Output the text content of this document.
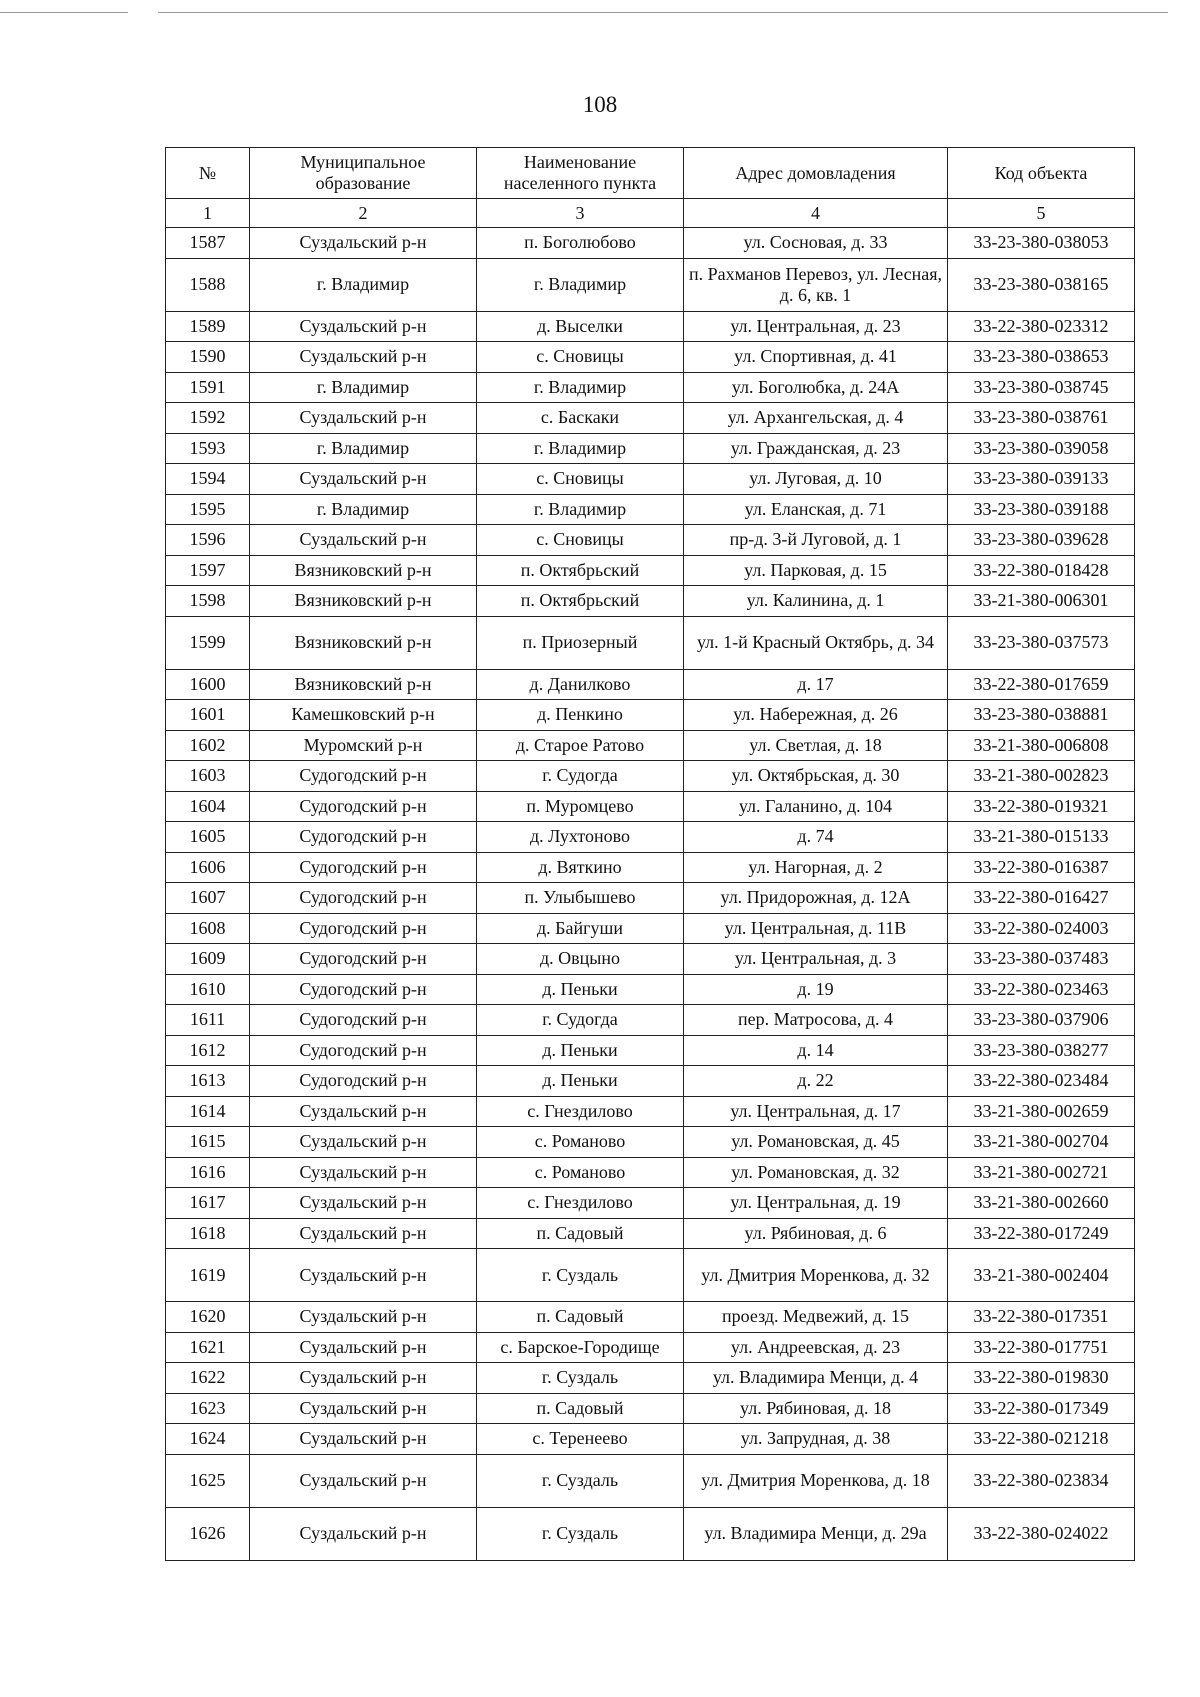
108
№	Муниципальное образование	Наименование населенного пункта	Адрес домовладения	Код объекта
1	2	3	4	5
1587	Суздальский р-н	п. Боголюбово	ул. Сосновая, д. 33	33-23-380-038053
1588	г. Владимир	г. Владимир	п. Рахманов Перевоз, ул. Лесная, д. 6, кв. 1	33-23-380-038165
1589	Суздальский р-н	д. Выселки	ул. Центральная, д. 23	33-22-380-023312
1590	Суздальский р-н	с. Сновицы	ул. Спортивная, д. 41	33-23-380-038653
1591	г. Владимир	г. Владимир	ул. Боголюбка, д. 24А	33-23-380-038745
1592	Суздальский р-н	с. Баскаки	ул. Архангельская, д. 4	33-23-380-038761
1593	г. Владимир	г. Владимир	ул. Гражданская, д. 23	33-23-380-039058
1594	Суздальский р-н	с. Сновицы	ул. Луговая, д. 10	33-23-380-039133
1595	г. Владимир	г. Владимир	ул. Еланская, д. 71	33-23-380-039188
1596	Суздальский р-н	с. Сновицы	пр-д. 3-й Луговой, д. 1	33-23-380-039628
1597	Вязниковский р-н	п. Октябрьский	ул. Парковая, д. 15	33-22-380-018428
1598	Вязниковский р-н	п. Октябрьский	ул. Калинина, д. 1	33-21-380-006301
1599	Вязниковский р-н	п. Приозерный	ул. 1-й Красный Октябрь, д. 34	33-23-380-037573
1600	Вязниковский р-н	д. Данилково	д. 17	33-22-380-017659
1601	Камешковский р-н	д. Пенкино	ул. Набережная, д. 26	33-23-380-038881
1602	Муромский р-н	д. Старое Ратово	ул. Светлая, д. 18	33-21-380-006808
1603	Судогодский р-н	г. Судогда	ул. Октябрьская, д. 30	33-21-380-002823
1604	Судогодский р-н	п. Муромцево	ул. Галанино, д. 104	33-22-380-019321
1605	Судогодский р-н	д. Лухтоново	д. 74	33-21-380-015133
1606	Судогодский р-н	д. Вяткино	ул. Нагорная, д. 2	33-22-380-016387
1607	Судогодский р-н	п. Улыбышево	ул. Придорожная, д. 12А	33-22-380-016427
1608	Судогодский р-н	д. Байгуши	ул. Центральная, д. 11В	33-22-380-024003
1609	Судогодский р-н	д. Овцыно	ул. Центральная, д. 3	33-23-380-037483
1610	Судогодский р-н	д. Пеньки	д. 19	33-22-380-023463
1611	Судогодский р-н	г. Судогда	пер. Матросова, д. 4	33-23-380-037906
1612	Судогодский р-н	д. Пеньки	д. 14	33-23-380-038277
1613	Судогодский р-н	д. Пеньки	д. 22	33-22-380-023484
1614	Суздальский р-н	с. Гнездилово	ул. Центральная, д. 17	33-21-380-002659
1615	Суздальский р-н	с. Романово	ул. Романовская, д. 45	33-21-380-002704
1616	Суздальский р-н	с. Романово	ул. Романовская, д. 32	33-21-380-002721
1617	Суздальский р-н	с. Гнездилово	ул. Центральная, д. 19	33-21-380-002660
1618	Суздальский р-н	п. Садовый	ул. Рябиновая, д. 6	33-22-380-017249
1619	Суздальский р-н	г. Суздаль	ул. Дмитрия Моренкова, д. 32	33-21-380-002404
1620	Суздальский р-н	п. Садовый	проезд. Медвежий, д. 15	33-22-380-017351
1621	Суздальский р-н	с. Барское-Городище	ул. Андреевская, д. 23	33-22-380-017751
1622	Суздальский р-н	г. Суздаль	ул. Владимира Менци, д. 4	33-22-380-019830
1623	Суздальский р-н	п. Садовый	ул. Рябиновая, д. 18	33-22-380-017349
1624	Суздальский р-н	с. Теренеево	ул. Запрудная, д. 38	33-22-380-021218
1625	Суздальский р-н	г. Суздаль	ул. Дмитрия Моренкова, д. 18	33-22-380-023834
1626	Суздальский р-н	г. Суздаль	ул. Владимира Менци, д. 29а	33-22-380-024022
